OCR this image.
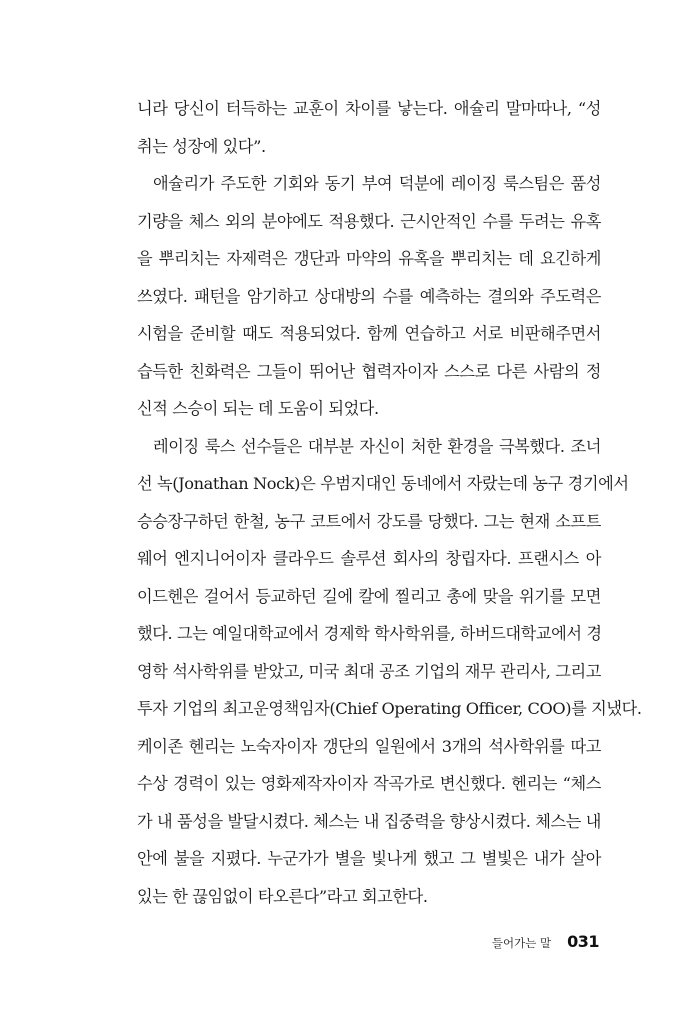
니라 당신이 터득하는 교훈이 차이를 낳는다. 애슐리 말마따나, “성
취는 성장에 있다”.
애슐리가 주도한 기회와 동기 부여 덕분에 레이징 룩스팀은 품성
기량을 체스 외의 분야에도 적용했다. 근시안적인 수를 두려는 유혹
을 뿌리치는 자제력은 갱단과 마약의 유혹을 뿌리치는 데 요긴하게
쓰였다. 패턴을 암기하고 상대방의 수를 예측하는 결의와 주도력은
시험을 준비할 때도 적용되었다. 함께 연습하고 서로 비판해주면서
습득한 친화력은 그들이 뛰어난 협력자이자 스스로 다른 사람의 정
신적 스승이 되는 데 도움이 되었다.
레이징 룩스 선수들은 대부분 자신이 처한 환경을 극복했다. 조너
선 녹(Jonathan Nock)은 우범지대인 동네에서 자랐는데 농구 경기에서
승승장구하던 한철, 농구 코트에서 강도를 당했다. 그는 현재 소프트
웨어 엔지니어이자 클라우드 솔루션 회사의 창립자다. 프랜시스 아
이드헨은 걸어서 등교하던 길에 칼에 찔리고 총에 맞을 위기를 모면
했다. 그는 예일대학교에서 경제학 학사학위를, 하버드대학교에서 경
영학 석사학위를 받았고, 미국 최대 공조 기업의 재무 관리사, 그리고
투자 기업의 최고운영책임자(Chief Operating Officer, COO)를 지냈다.
케이존 헨리는 노숙자이자 갱단의 일원에서 3개의 석사학위를 따고
수상 경력이 있는 영화제작자이자 작곡가로 변신했다. 헨리는 “체스
가 내 품성을 발달시켰다. 체스는 내 집중력을 향상시켰다. 체스는 내
안에 불을 지폈다. 누군가가 별을 빛나게 했고 그 별빛은 내가 살아
있는 한 끊임없이 타오른다”라고 회고한다.
들어가는 말 031
